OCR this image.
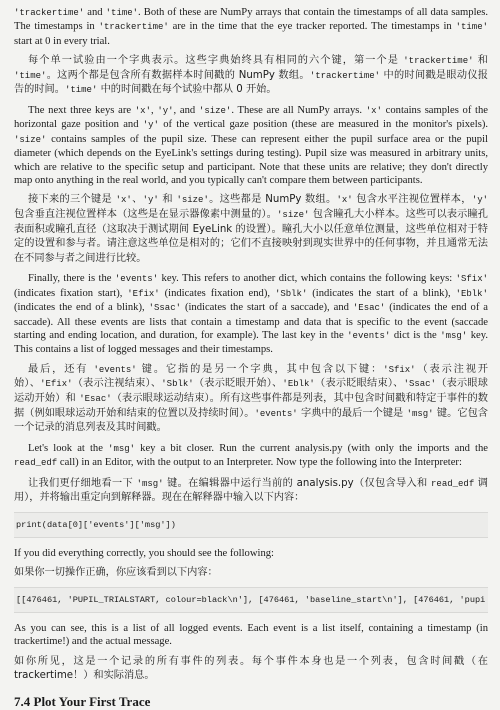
'trackertime' and 'time'. Both of these are NumPy arrays that contain the timestamps of all data samples. The timestamps in 'trackertime' are in the time that the eye tracker reported. The timestamps in 'time' start at 0 in every trial.

每个单一试验由一个字典表示。这些字典始终具有相同的六个键，第一个是 'trackertime' 和 'time'。这两个都是包含所有数据样本时间戳的 NumPy 数组。'trackertime' 中的时间戳是眼动仪报告的时间。'time' 中的时间戳在每个试验中都从 0 开始。

The next three keys are 'x', 'y', and 'size'. These are all NumPy arrays. 'x' contains samples of the horizontal gaze position and 'y' of the vertical gaze position (these are measured in the monitor's pixels). 'size' contains samples of the pupil size. These can represent either the pupil surface area or the pupil diameter (which depends on the EyeLink's settings during testing). Pupil size was measured in arbitrary units, which are relative to the specific setup and participant. Note that these units are relative; they don't directly map onto anything in the real world, and you typically can't compare them between participants.

接下来的三个键是 'x'、'y' 和 'size'。这些都是 NumPy 数组。'x' 包含水平注视位置样本，'y' 包含垂直注视位置样本（这些是在显示器像素中测量的）。'size' 包含瞳孔大小样本。这些可以表示瞳孔表面积或瞳孔直径（这取决于测试期间 EyeLink 的设置）。瞳孔大小以任意单位测量，这些单位相对于特定的设置和参与者。请注意这些单位是相对的；它们不直接映射到现实世界中的任何事物，并且通常无法在不同参与者之间进行比较。

Finally, there is the 'events' key. This refers to another dict, which contains the following keys: 'Sfix' (indicates fixation start), 'Efix' (indicates fixation end), 'Sblk' (indicates the start of a blink), 'Eblk' (indicates the end of a blink), 'Ssac' (indicates the start of a saccade), and 'Esac' (indicates the end of a saccade). All these events are lists that contain a timestamp and data that is specific to the event (saccade starting and ending location, and duration, for example). The last key in the 'events' dict is the 'msg' key. This contains a list of logged messages and their timestamps.

最后，还有 'events' 键。它指的是另一个字典，其中包含以下键：'Sfix'（表示注视开始）、'Efix'（表示注视结束）、'Sblk'（表示眨眼开始）、'Eblk'（表示眨眼结束）、'Ssac'（表示眼球运动开始）和 'Esac'（表示眼球运动结束）。所有这些事件都是列表，其中包含时间戳和特定于事件的数据（例如眼球运动开始和结束的位置以及持续时间）。'events' 字典中的最后一个键是 'msg' 键。它包含一个记录的消息列表及其时间戳。

Let's look at the 'msg' key a bit closer. Run the current analysis.py (with only the imports and the read_edf call) in an Editor, with the output to an Interpreter. Now type the following into the Interpreter:

让我们更仔细地看一下 'msg' 键。在编辑器中运行当前的 analysis.py（仅包含导入和 read_edf 调用），并将输出重定向到解释器。现在在解释器中输入以下内容：

print(data[0]['events']['msg'])

If you did everything correctly, you should see the following:

如果你一切操作正确，你应该看到以下内容：

[[476461, 'PUPIL_TRIALSTART, colour=black\n'], [476461, 'baseline_start\n'], [476461, 'pupi

As you can see, this is a list of all logged events. Each event is a list itself, containing a timestamp (in trackertime!) and the actual message.

如你所见，这是一个记录的所有事件的列表。每个事件本身也是一个列表，包含时间戳（在 trackertime！）和实际消息。

7.4 Plot Your First Trace
